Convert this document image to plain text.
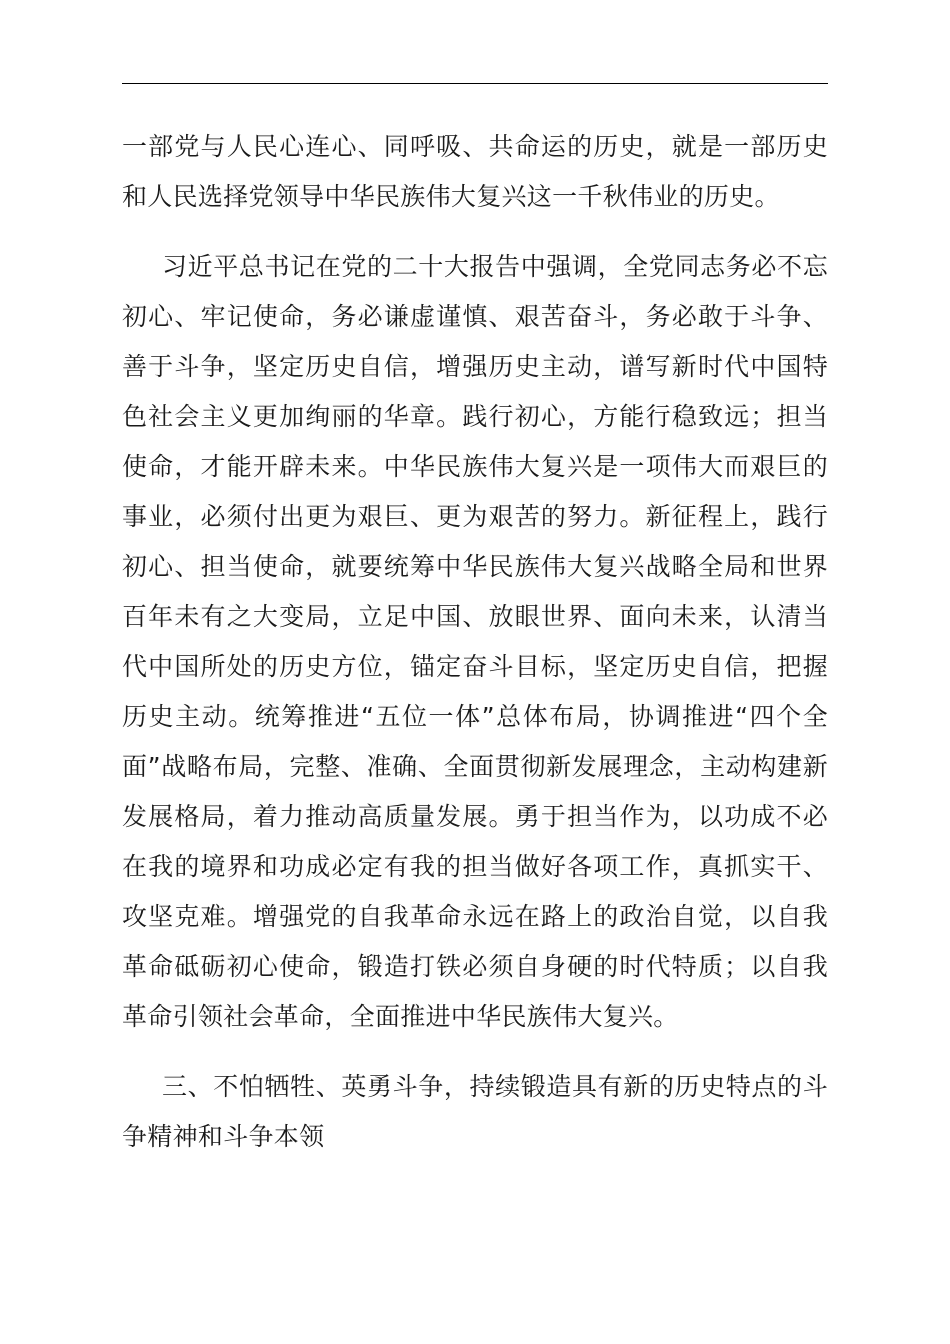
一部党与人民心连心、同呼吸、共命运的历史，就是一部历史
和人民选择党领导中华民族伟大复兴这一千秋伟业的历史。
习近平总书记在党的二十大报告中强调，全党同志务必不忘
初心、牢记使命，务必谦虚谨慎、艰苦奋斗，务必敢于斗争、
善于斗争，坚定历史自信，增强历史主动，谱写新时代中国特
色社会主义更加绚丽的华章。践行初心，方能行稳致远；担当
使命，才能开辟未来。中华民族伟大复兴是一项伟大而艰巨的
事业，必须付出更为艰巨、更为艰苦的努力。新征程上，践行
初心、担当使命，就要统筹中华民族伟大复兴战略全局和世界
百年未有之大变局，立足中国、放眼世界、面向未来，认清当
代中国所处的历史方位，锚定奋斗目标，坚定历史自信，把握
历史主动。统筹推进“五位一体”总体布局，协调推进“四个全
面”战略布局，完整、准确、全面贯彻新发展理念，主动构建新
发展格局，着力推动高质量发展。勇于担当作为，以功成不必
在我的境界和功成必定有我的担当做好各项工作，真抓实干、
攻坚克难。增强党的自我革命永远在路上的政治自觉，以自我
革命砥砺初心使命，锻造打铁必须自身硬的时代特质；以自我
革命引领社会革命，全面推进中华民族伟大复兴。
三、不怕牺牲、英勇斗争，持续锻造具有新的历史特点的斗
争精神和斗争本领
